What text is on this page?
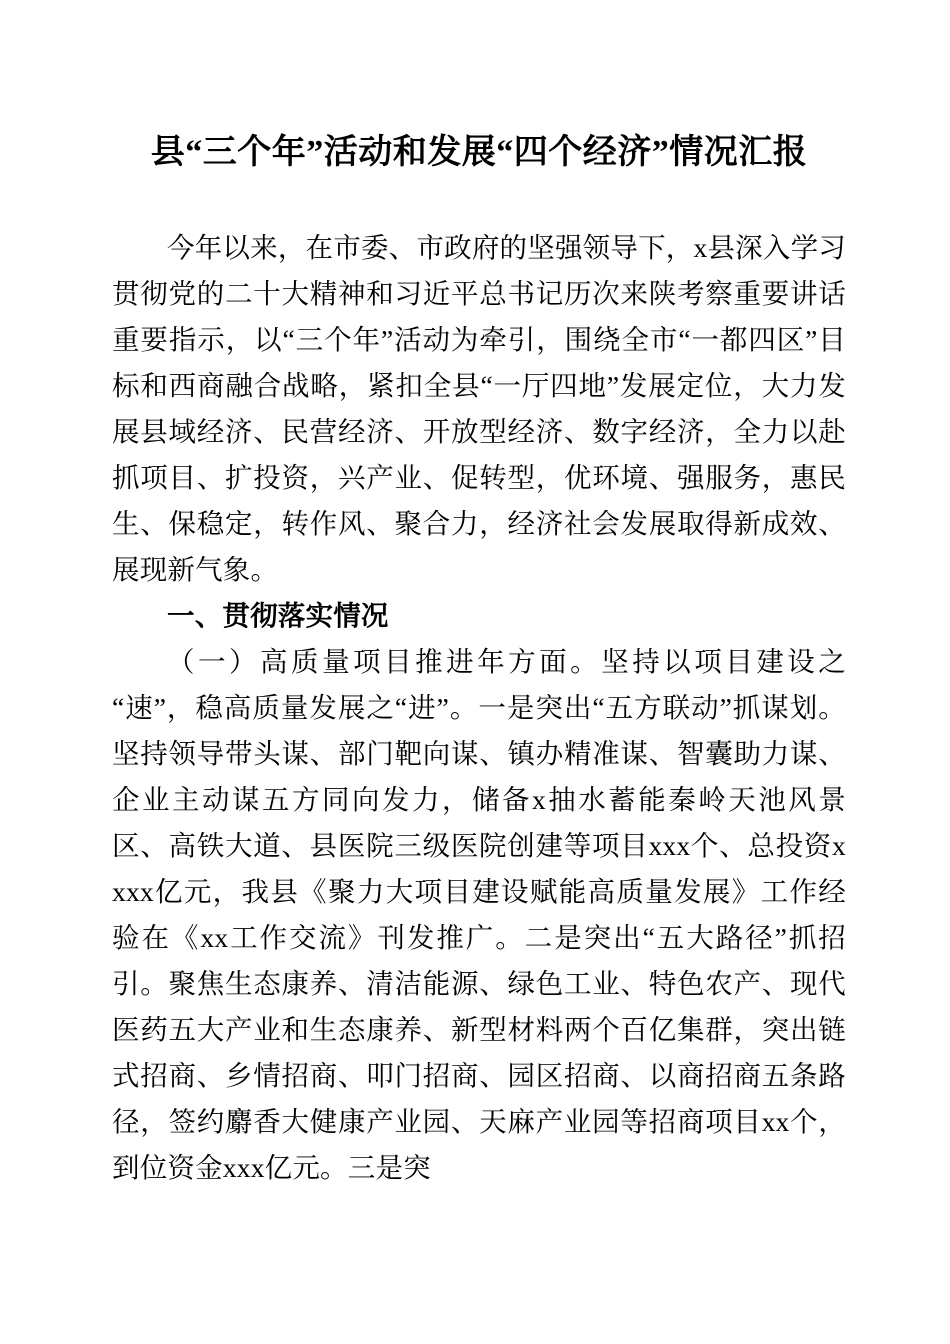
县“三个年”活动和发展“四个经济”情况汇报

今年以来，在市委、市政府的坚强领导下，x县深入学习贯彻党的二十大精神和习近平总书记历次来陕考察重要讲话重要指示，以“三个年”活动为牵引，围绕全市“一都四区”目标和西商融合战略，紧扣全县“一厅四地”发展定位，大力发展县域经济、民营经济、开放型经济、数字经济，全力以赴抓项目、扩投资，兴产业、促转型，优环境、强服务，惠民生、保稳定，转作风、聚合力，经济社会发展取得新成效、展现新气象。

一、贯彻落实情况

（一）高质量项目推进年方面。坚持以项目建设之“速”，稳高质量发展之“进”。一是突出“五方联动”抓谋划。坚持领导带头谋、部门靶向谋、镇办精准谋、智囊助力谋、企业主动谋五方同向发力，储备x抽水蓄能秦岭天池风景区、高铁大道、县医院三级医院创建等项目xxx个、总投资xxxx亿元，我县《聚力大项目建设赋能高质量发展》工作经验在《xx工作交流》刊发推广。二是突出“五大路径”抓招引。聚焦生态康养、清洁能源、绿色工业、特色农产、现代医药五大产业和生态康养、新型材料两个百亿集群，突出链式招商、乡情招商、叩门招商、园区招商、以商招商五条路径，签约麝香大健康产业园、天麻产业园等招商项目xx个，到位资金xxx亿元。三是突
